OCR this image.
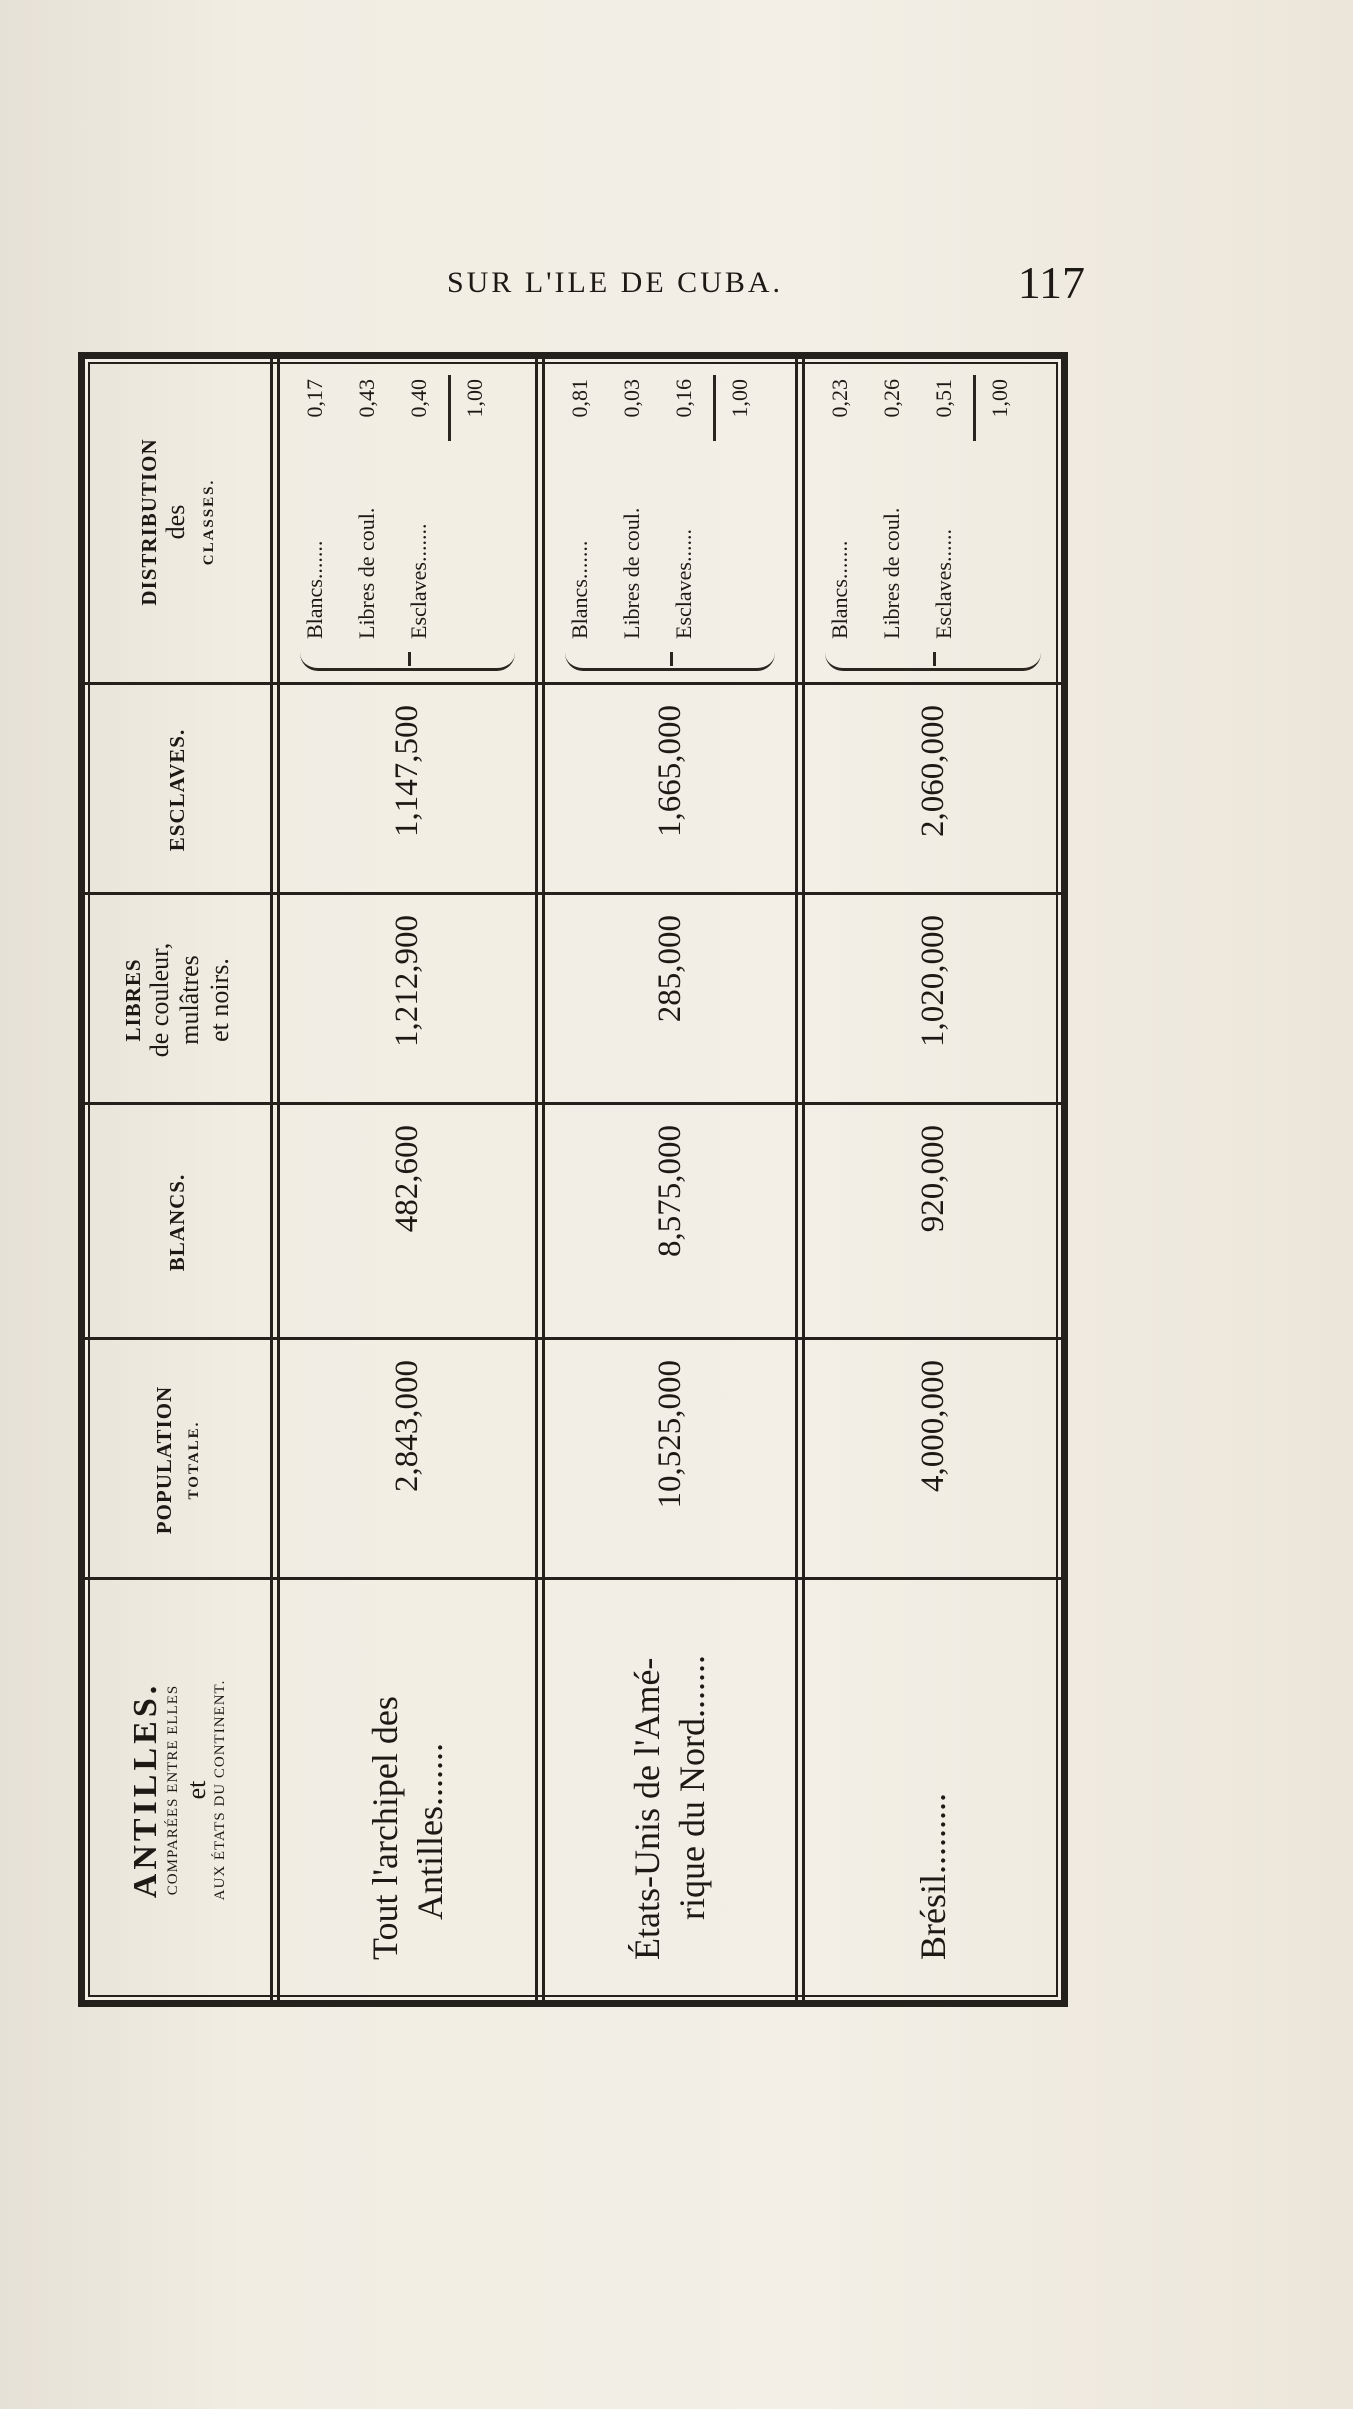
SUR L'ILE DE CUBA.	117
ANTILLES. COMPARÉES ENTRE ELLES et AUX ÉTATS DU CONTINENT.
POPULATION TOTALE.
BLANCS.
LIBRES de couleur, mulâtres et noirs.
ESCLAVES.
DISTRIBUTION des CLASSES.
Tout l'archipel des Antilles.......
2,843,000
482,600
1,212,900
1,147,500
Blancs.......
0,17
Libres de coul.
0,43
Esclaves.......
0,40 1,00
États-Unis de l'Amé- rique du Nord.......
10,525,000
8,575,000
285,000
1,665,000
Blancs.......
0,81
Libres de coul.
0,03
Esclaves......
0,16 1,00
Brésil.........
4,000,000
920,000
1,020,000
2,060,000
Blancs.......
0,23
Libres de coul.
0,26
Esclaves......
0,51 1,00
